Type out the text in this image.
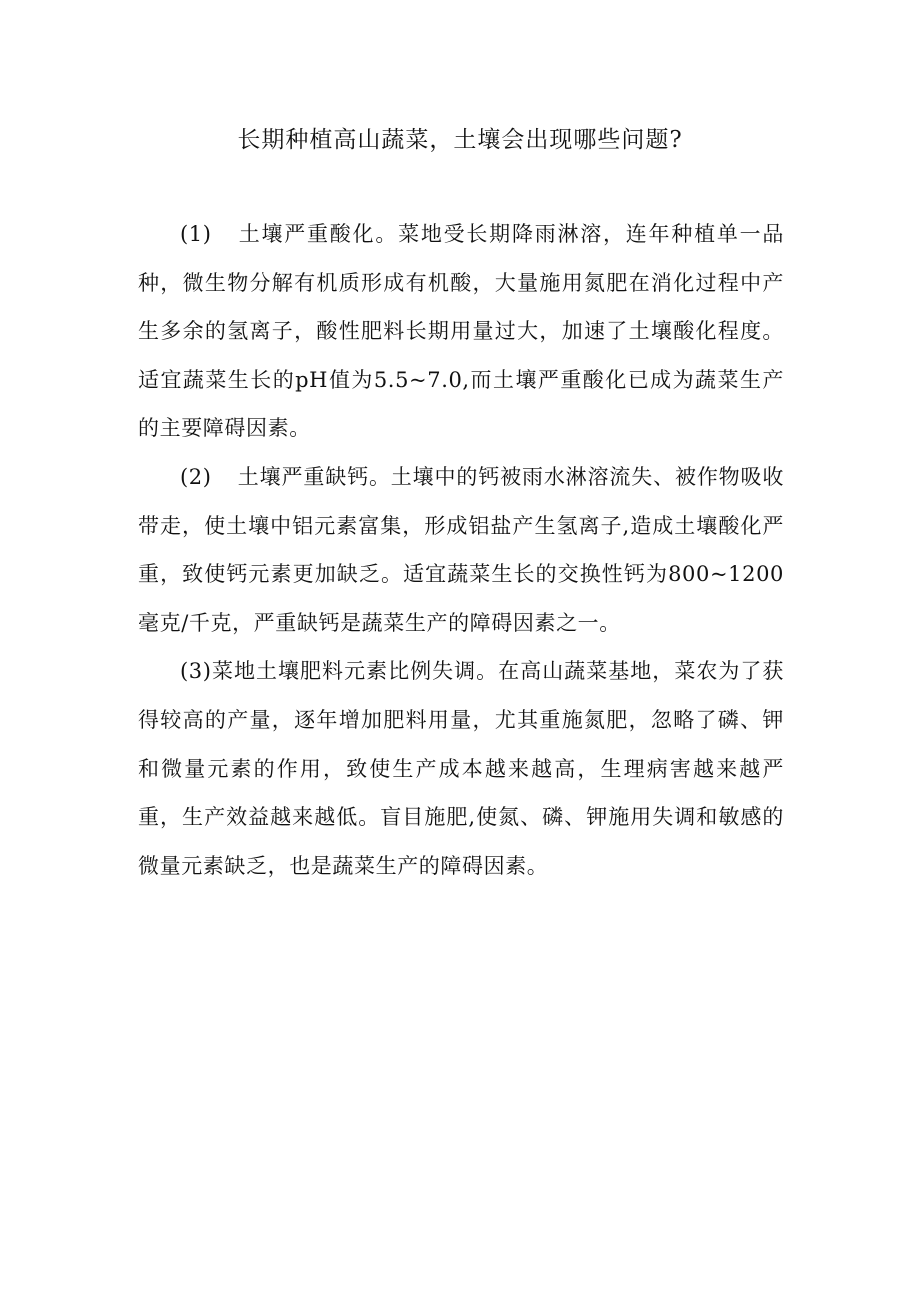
长期种植高山蔬菜，土壤会出现哪些问题?

(1) 土壤严重酸化。菜地受长期降雨淋溶，连年种植单一品种，微生物分解有机质形成有机酸，大量施用氮肥在消化过程中产生多余的氢离子，酸性肥料长期用量过大，加速了土壤酸化程度。适宜蔬菜生长的pH值为5.5~7.0,而土壤严重酸化已成为蔬菜生产的主要障碍因素。

(2) 土壤严重缺钙。土壤中的钙被雨水淋溶流失、被作物吸收带走，使土壤中铝元素富集，形成铝盐产生氢离子,造成土壤酸化严重，致使钙元素更加缺乏。适宜蔬菜生长的交换性钙为800~1200毫克/千克，严重缺钙是蔬菜生产的障碍因素之一。

(3)菜地土壤肥料元素比例失调。在高山蔬菜基地，菜农为了获得较高的产量，逐年增加肥料用量，尤其重施氮肥，忽略了磷、钾和微量元素的作用，致使生产成本越来越高，生理病害越来越严重，生产效益越来越低。盲目施肥,使氮、磷、钾施用失调和敏感的微量元素缺乏，也是蔬菜生产的障碍因素。
